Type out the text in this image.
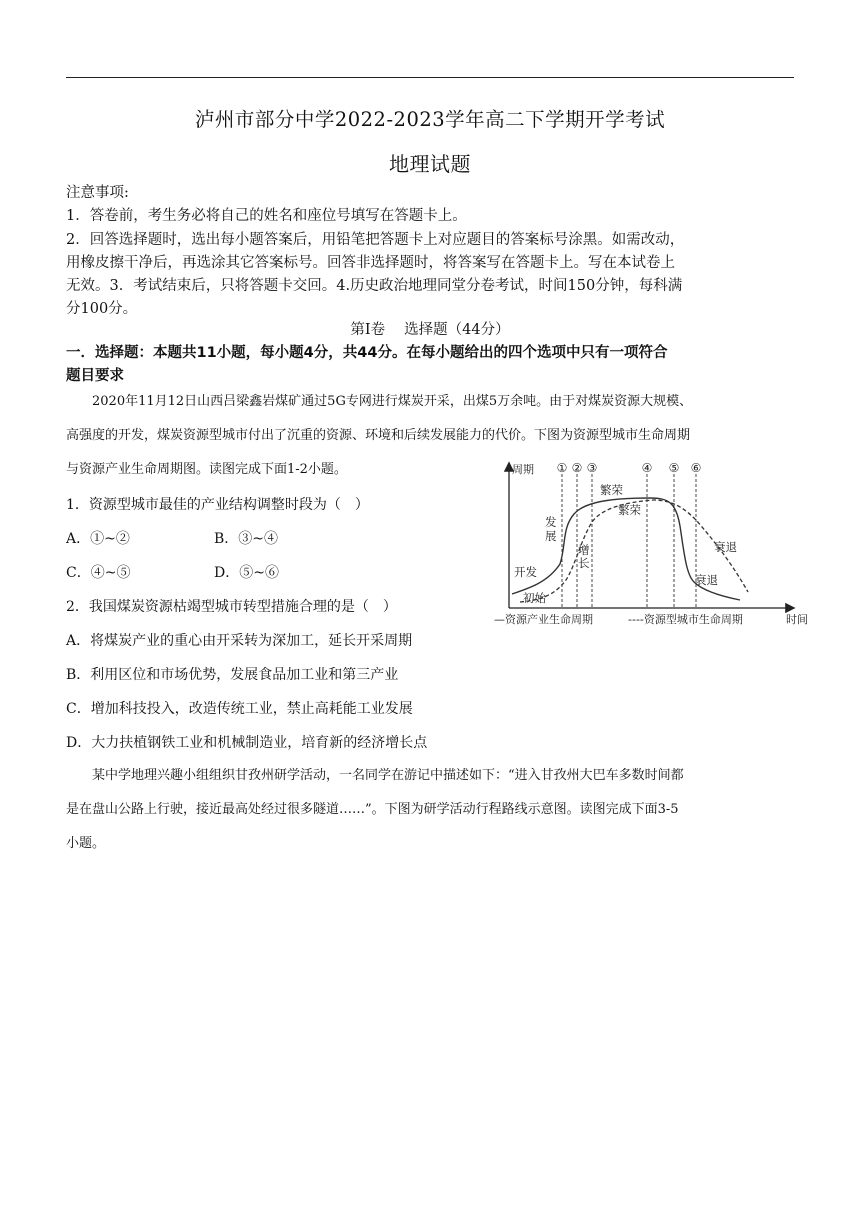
泸州市部分中学2022-2023学年高二下学期开学考试
地理试题
注意事项:
1．答卷前，考生务必将自己的姓名和座位号填写在答题卡上。
2．回答选择题时，选出每小题答案后，用铅笔把答题卡上对应题目的答案标号涂黑。如需改动，
用橡皮擦干净后，再选涂其它答案标号。回答非选择题时，将答案写在答题卡上。写在本试卷上
无效。3．考试结束后，只将答题卡交回。4.历史政治地理同堂分卷考试，时间150分钟，每科满
分100分。
第I卷　 选择题（44分）
一．选择题：本题共11小题，每小题4分，共44分。在每小题给出的四个选项中只有一项符合
题目要求
2020年11月12日山西吕梁鑫岩煤矿通过5G专网进行煤炭开采，出煤5万余吨。由于对煤炭资源大规模、
高强度的开发，煤炭资源型城市付出了沉重的资源、环境和后续发展能力的代价。下图为资源型城市生命周期
与资源产业生命周期图。读图完成下面1-2小题。
1．资源型城市最佳的产业结构调整时段为（　）
A．①~②	B．③~④
C．④~⑤	D．⑤~⑥
2．我国煤炭资源枯竭型城市转型措施合理的是（　）
A．将煤炭产业的重心由开采转为深加工，延长开采周期
B．利用区位和市场优势，发展食品加工业和第三产业
C．增加科技投入，改造传统工业，禁止高耗能工业发展
D．大力扶植钢铁工业和机械制造业，培育新的经济增长点
某中学地理兴趣小组组织甘孜州研学活动，一名同学在游记中描述如下：“进入甘孜州大巴车多数时间都
是在盘山公路上行驶，接近最高处经过很多隧道……”。下图为研学活动行程路线示意图。读图完成下面3-5
小题。
周期
时间
① ② ③	④ ⑤ ⑥
开发
初始
发
展
增
长
繁荣
繁荣
衰退
衰退
—资源产业生命周期	----资源型城市生命周期
